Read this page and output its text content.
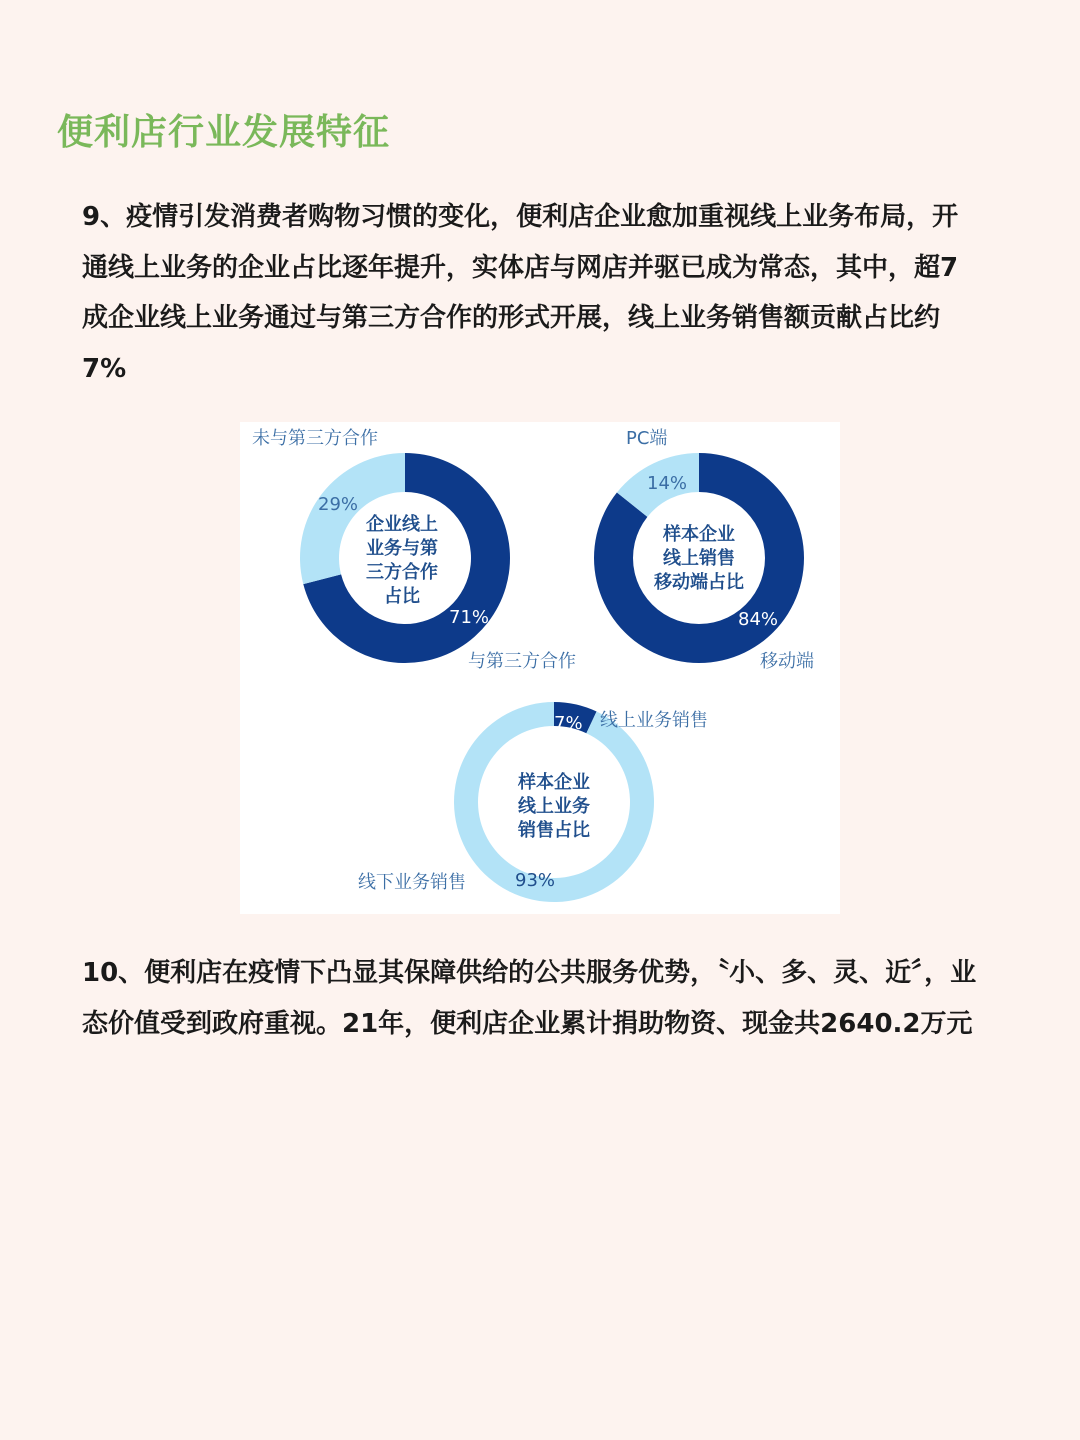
便利店行业发展特征

9、疫情引发消费者购物习惯的变化，便利店企业愈加重视线上业务布局，开通线上业务的企业占比逐年提升，实体店与网店并驱已成为常态，其中，超7成企业线上业务通过与第三方合作的形式开展，线上业务销售额贡献占比约7%

未与第三方合作
与第三方合作
29%
71%
企业线上
业务与第
三方合作
占比
PC端
移动端
14%
84%
样本企业
线上销售
移动端占比
线上业务销售
线下业务销售
7%
93%
样本企业
线上业务
销售占比

10、便利店在疫情下凸显其保障供给的公共服务优势，〝小、多、灵、近〞，业态价值受到政府重视。21年，便利店企业累计捐助物资、现金共2640.2万元
